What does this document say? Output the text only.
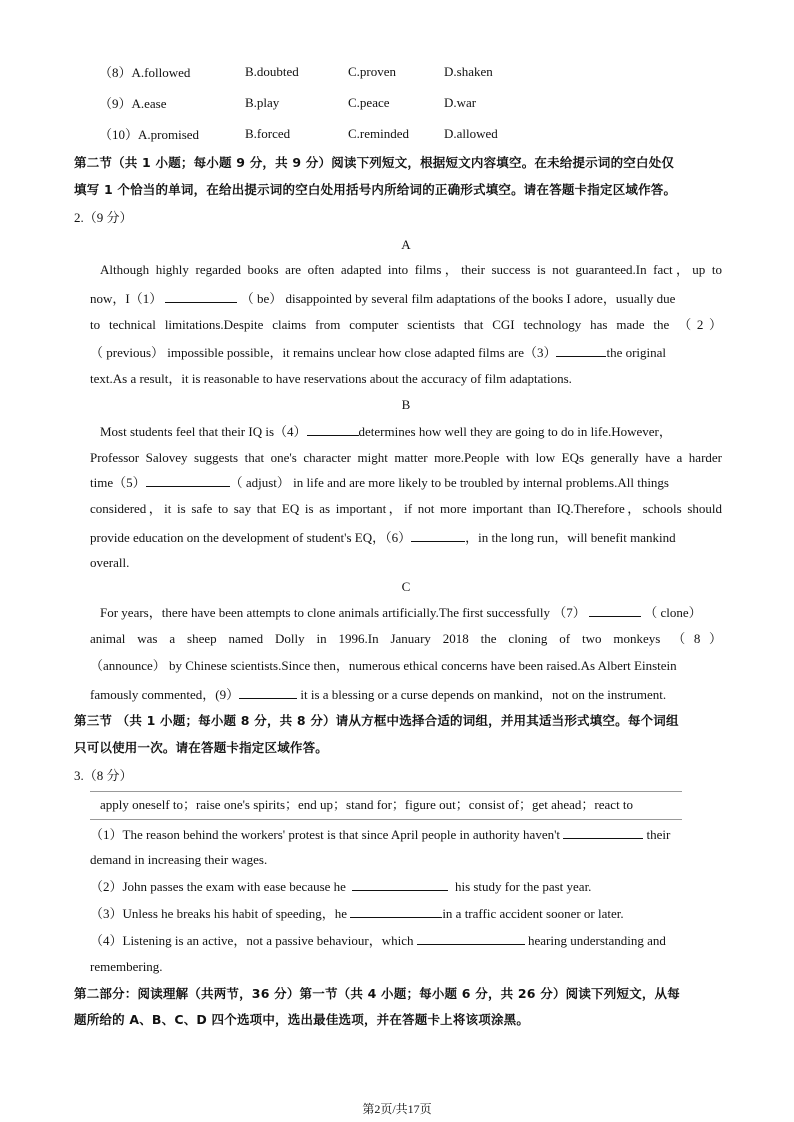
（8）A.followed	B.doubted	C.proven	D.shaken
（9）A.ease	B.play	C.peace	D.war
（10）A.promised	B.forced	C.reminded	D.allowed
第二节（共 1 小题；每小题 9 分，共 9 分）阅读下列短文，根据短文内容填空。在未给提示词的空白处仅
填写 1 个恰当的单词，在给出提示词的空白处用括号内所给词的正确形式填空。请在答题卡指定区域作答。
2.（9 分）
A
Although highly regarded books are often adapted into films，their success is not guaranteed.In fact，up to
now，I（1）	（ be） disappointed by several film adaptations of the books I adore，usually due
to technical limitations.Despite claims from computer scientists that CGI technology has made the （2）
（ previous） impossible possible，it remains unclear how close adapted films are（3）	the original
text.As a result，it is reasonable to have reservations about the accuracy of film adaptations.
B
Most students feel that their IQ is（4）	determines how well they are going to do in life.However，
Professor Salovey suggests that one's character might matter more.People with low EQs generally have a harder
time（5）	（ adjust） in life and are more likely to be troubled by internal problems.All things
considered，it is safe to say that EQ is as important，if not more important than IQ.Therefore，schools should
provide education on the development of student's EQ，（6）	，in the long run，will benefit mankind
overall.
C
For years，there have been attempts to clone animals artificially.The first successfully （7）	（ clone）
animal was a sheep named Dolly in 1996.In January 2018 the cloning of two monkeys （8）
（announce） by Chinese scientists.Since then，numerous ethical concerns have been raised.As Albert Einstein
famously commented，(9）	it is a blessing or a curse depends on mankind，not on the instrument.
第三节 （共 1 小题；每小题 8 分，共 8 分）请从方框中选择合适的词组，并用其适当形式填空。每个词组
只可以使用一次。请在答题卡指定区域作答。
3.（8 分）
apply oneself to；raise one's spirits；end up；stand for；figure out；consist of；get ahead；react to
（1）The reason behind the workers' protest is that since April people in authority haven't	their
demand in increasing their wages.
（2）John passes the exam with ease because he	his study for the past year.
（3）Unless he breaks his habit of speeding，he	in a traffic accident sooner or later.
（4）Listening is an active，not a passive behaviour，which	hearing understanding and
remembering.
第二部分：阅读理解（共两节，36 分）第一节（共 4 小题；每小题 6 分，共 26 分）阅读下列短文，从每
题所给的 A、B、C、D 四个选项中，选出最佳选项，并在答题卡上将该项涂黑。
第2页/共17页
